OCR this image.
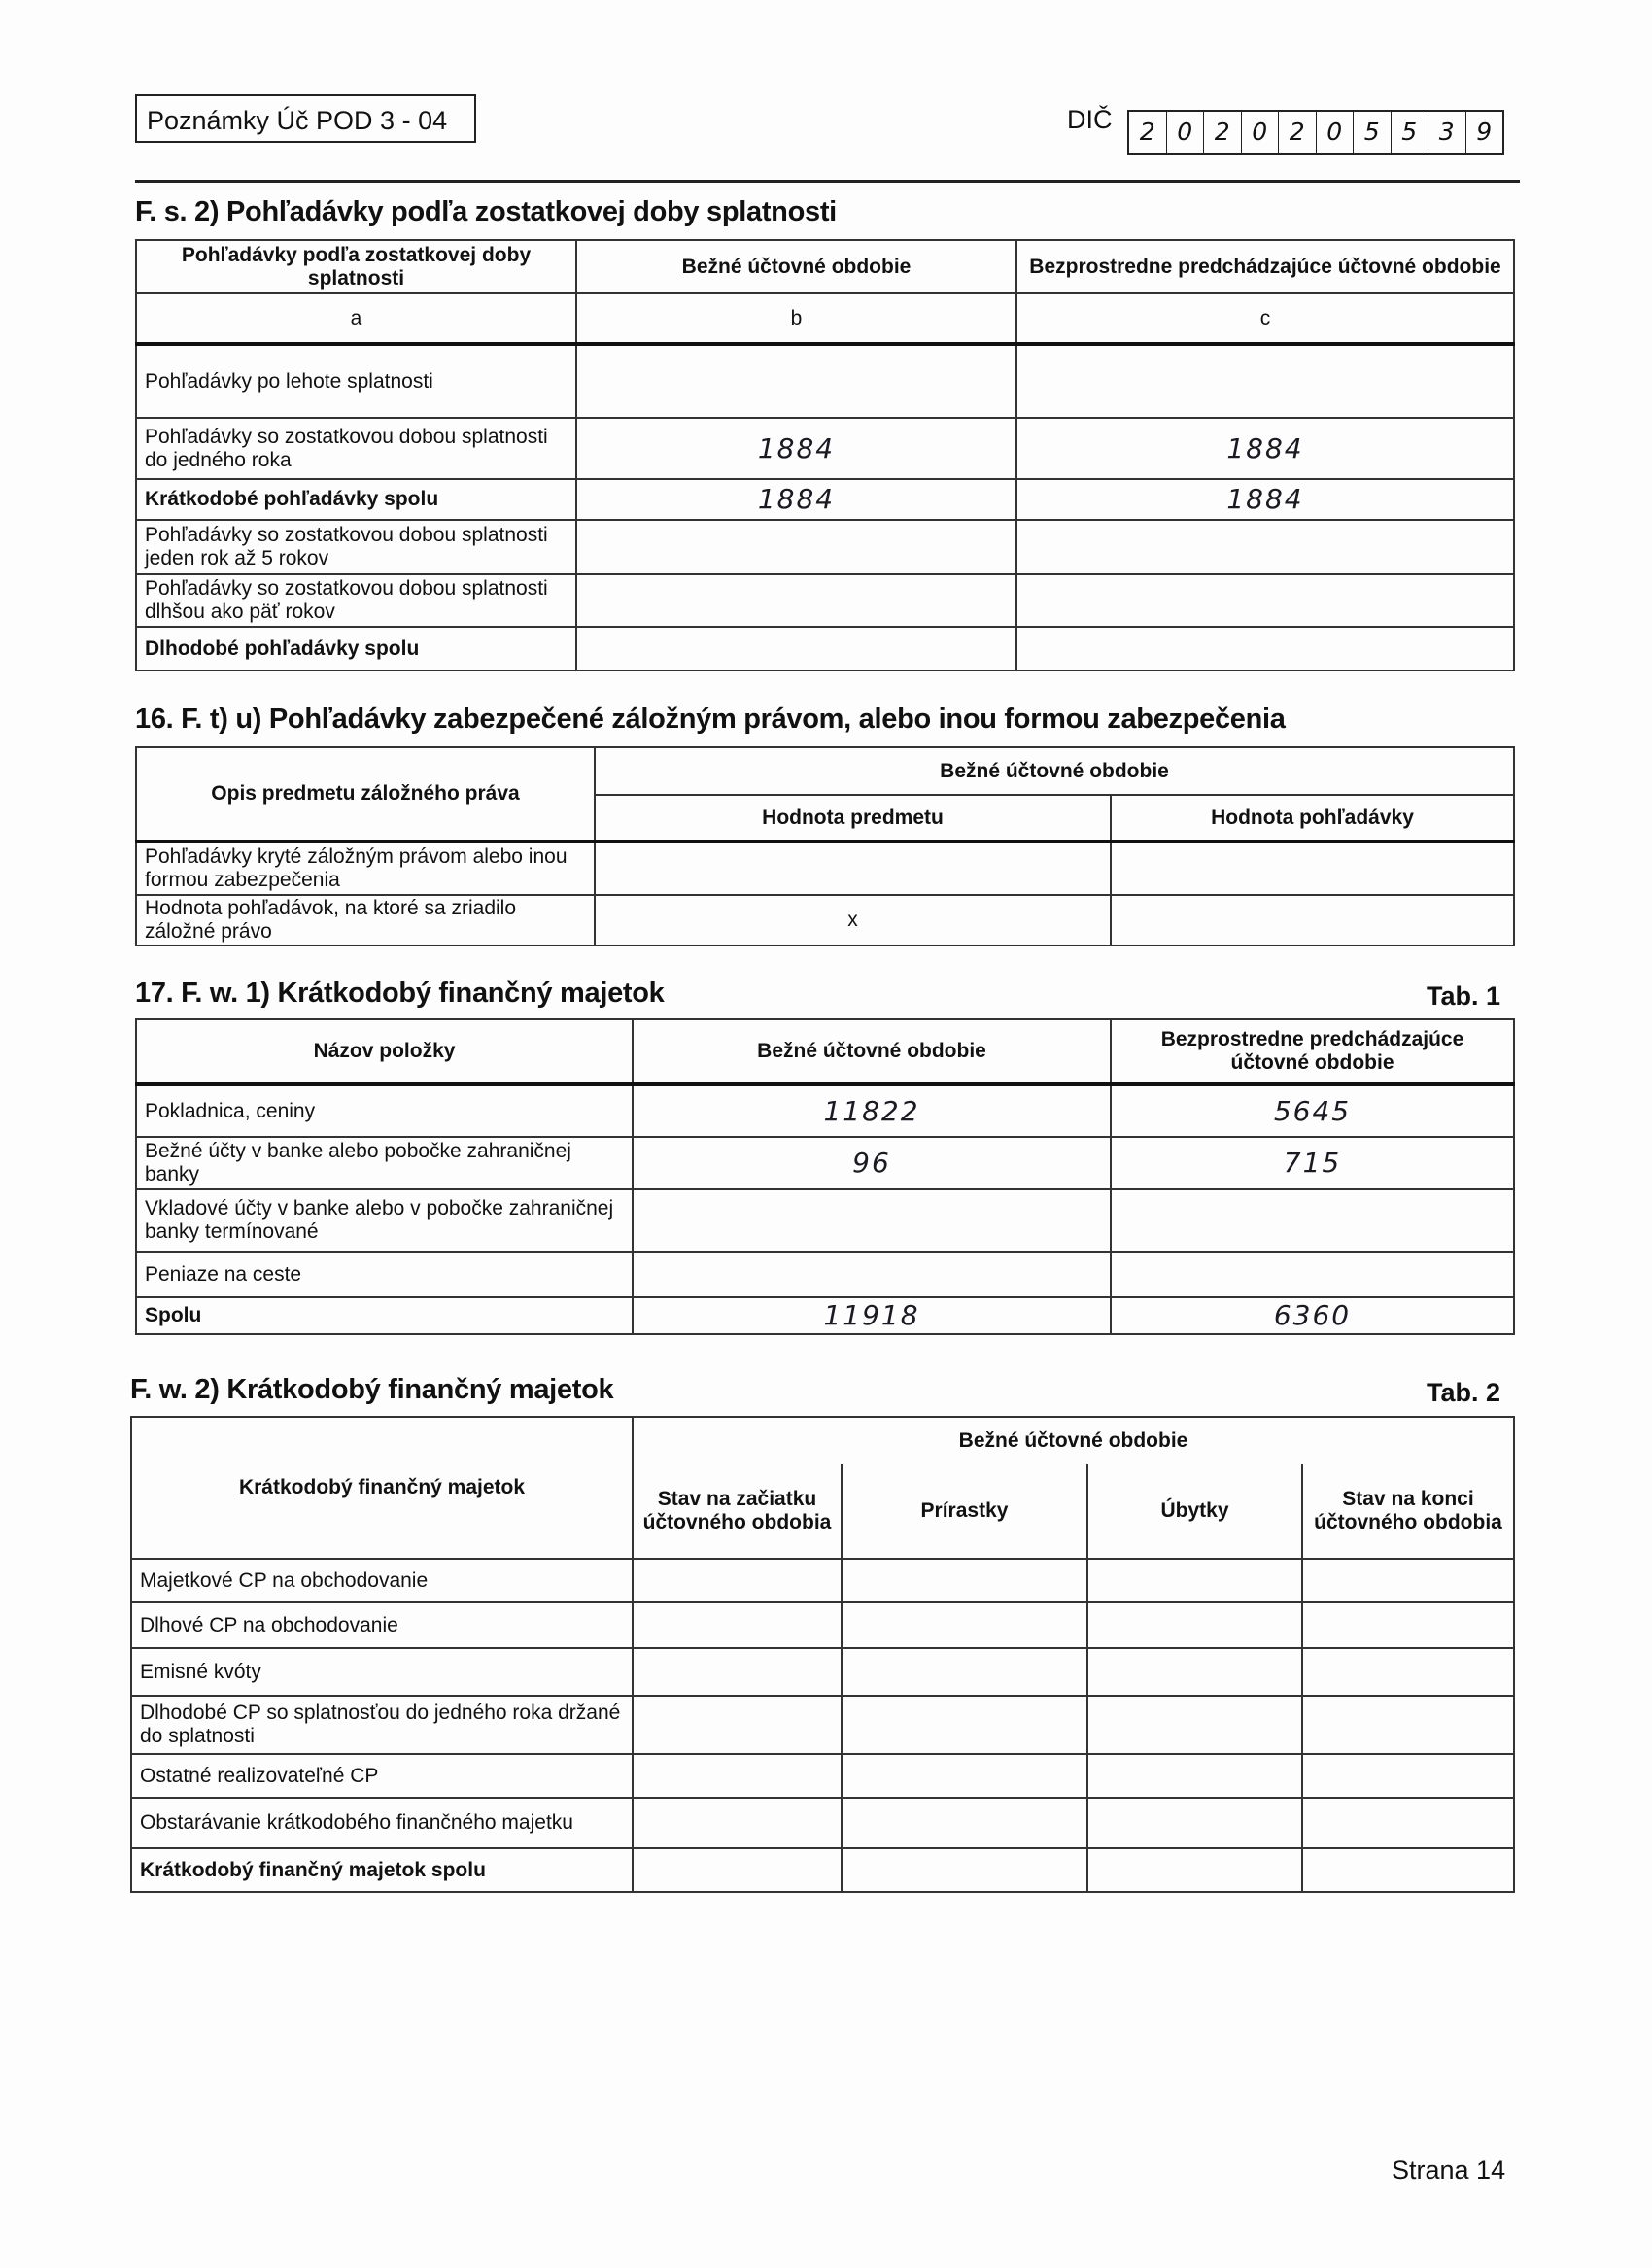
Poznámky Úč POD 3 - 04	DIČ	2 0 2 0 2 0 5 5 3 9
F. s. 2) Pohľadávky podľa zostatkovej doby splatnosti
Pohľadávky podľa zostatkovej doby splatnosti	Bežné účtovné obdobie	Bezprostredne predchádzajúce účtovné obdobie
a	b	c
Pohľadávky po lehote splatnosti		
Pohľadávky so zostatkovou dobou splatnosti do jedného roka	1884	1884
Krátkodobé pohľadávky spolu	1884	1884
Pohľadávky so zostatkovou dobou splatnosti jeden rok až 5 rokov		
Pohľadávky so zostatkovou dobou splatnosti dlhšou ako päť rokov		
Dlhodobé pohľadávky spolu		
16. F. t) u) Pohľadávky zabezpečené záložným právom, alebo inou formou zabezpečenia
Opis predmetu záložného práva	Bežné účtovné obdobie	
	Hodnota predmetu	Hodnota pohľadávky
Pohľadávky kryté záložným právom alebo inou formou zabezpečenia		
Hodnota pohľadávok, na ktoré sa zriadilo záložné právo	x	
17. F. w. 1) Krátkodobý finančný majetok	Tab. 1
Názov položky	Bežné účtovné obdobie	Bezprostredne predchádzajúce účtovné obdobie
Pokladnica, ceniny	11822	5645
Bežné účty v banke alebo pobočke zahraničnej banky	96	715
Vkladové účty v banke alebo v pobočke zahraničnej banky termínované		
Peniaze na ceste		
Spolu	11918	6360
F. w. 2) Krátkodobý finančný majetok	Tab. 2
Krátkodobý finančný majetok	Bežné účtovné obdobie			
	Stav na začiatku účtovného obdobia	Prírastky	Úbytky	Stav na konci účtovného obdobia
Majetkové CP na obchodovanie				
Dlhové CP na obchodovanie				
Emisné kvóty				
Dlhodobé CP so splatnosťou do jedného roka držané do splatnosti				
Ostatné realizovateľné CP				
Obstarávanie krátkodobého finančného majetku				
Krátkodobý finančný majetok spolu				
Strana 14
